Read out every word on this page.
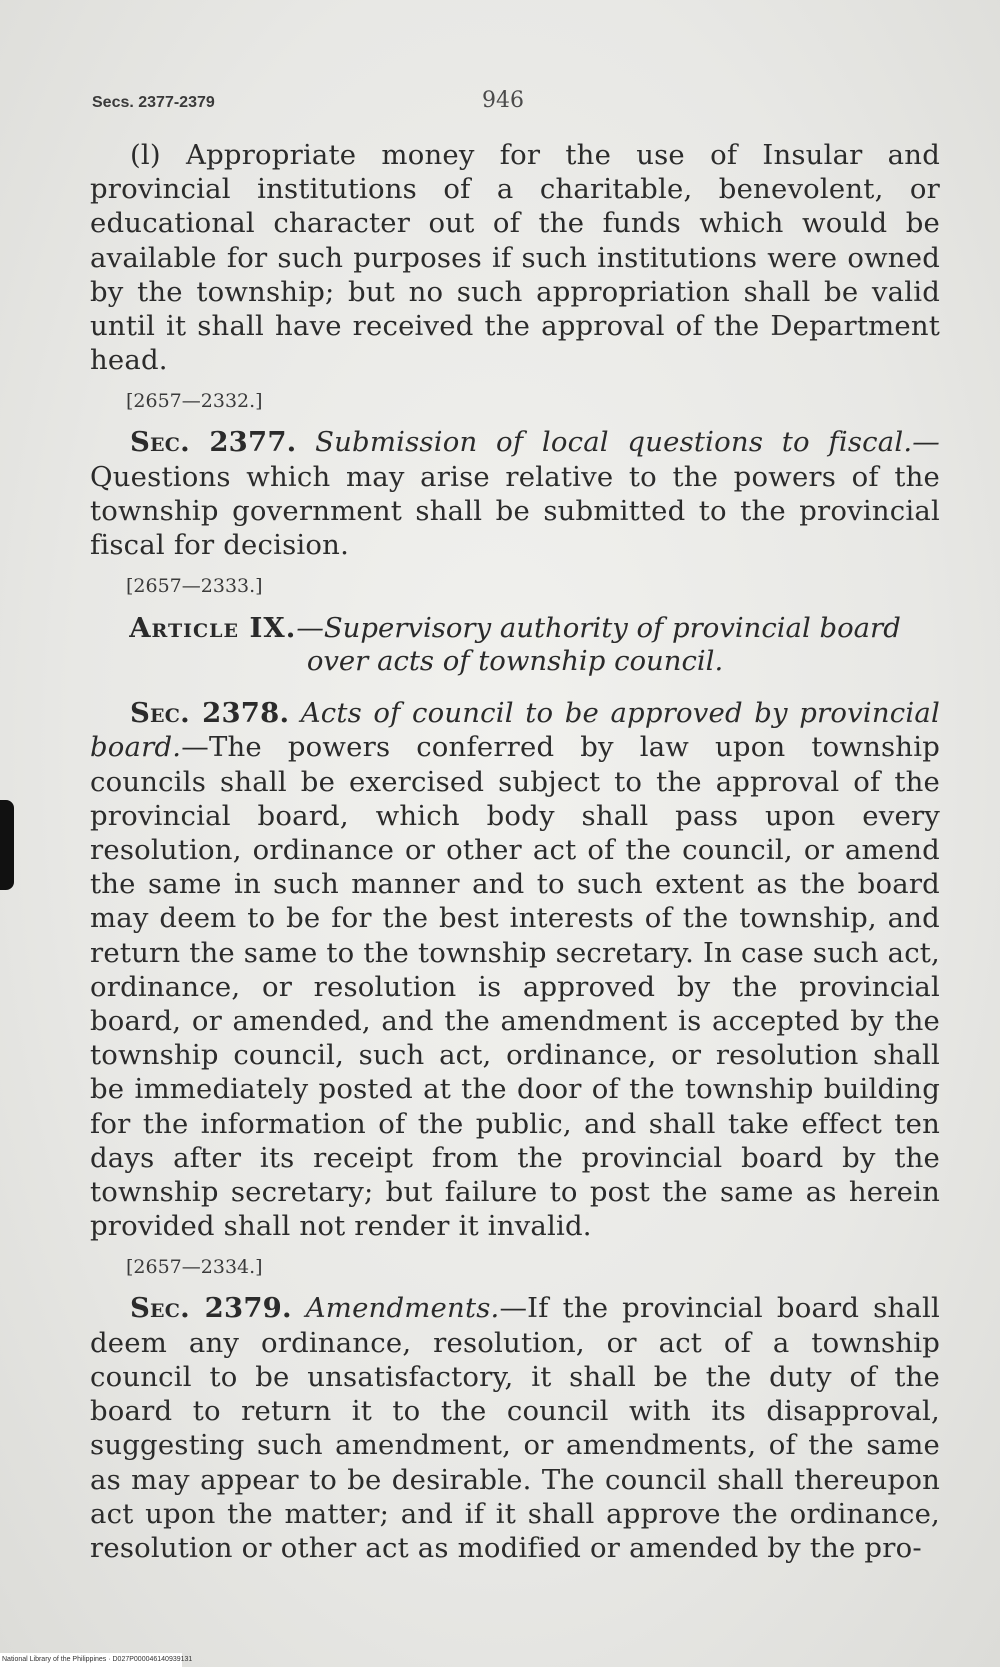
Secs. 2377-2379	946

(l) Appropriate money for the use of Insular and provincial institutions of a charitable, benevolent, or educational character out of the funds which would be available for such purposes if such institutions were owned by the township; but no such appropriation shall be valid until it shall have received the approval of the Department head.

[2657—2332.]

Sec. 2377. Submission of local questions to fiscal.— Questions which may arise relative to the powers of the township government shall be submitted to the provincial fiscal for decision.

[2657—2333.]
Article IX.—Supervisory authority of provincial board
over acts of township council.

Sec. 2378. Acts of council to be approved by provincial board.—The powers conferred by law upon township councils shall be exercised subject to the approval of the provincial board, which body shall pass upon every resolution, ordinance or other act of the council, or amend the same in such manner and to such extent as the board may deem to be for the best interests of the township, and return the same to the township secretary. In case such act, ordinance, or resolution is approved by the provincial board, or amended, and the amendment is accepted by the township council, such act, ordinance, or resolution shall be immediately posted at the door of the township building for the information of the public, and shall take effect ten days after its receipt from the provincial board by the township secretary; but failure to post the same as herein provided shall not render it invalid.

[2657—2334.]

Sec. 2379. Amendments.—If the provincial board shall deem any ordinance, resolution, or act of a township council to be unsatisfactory, it shall be the duty of the board to return it to the council with its disapproval, suggesting such amendment, or amendments, of the same as may appear to be desirable. The council shall thereupon act upon the matter; and if it shall approve the ordinance, resolution or other act as modified or amended by the pro-

National Library of the Philippines · D027P000046140939131
